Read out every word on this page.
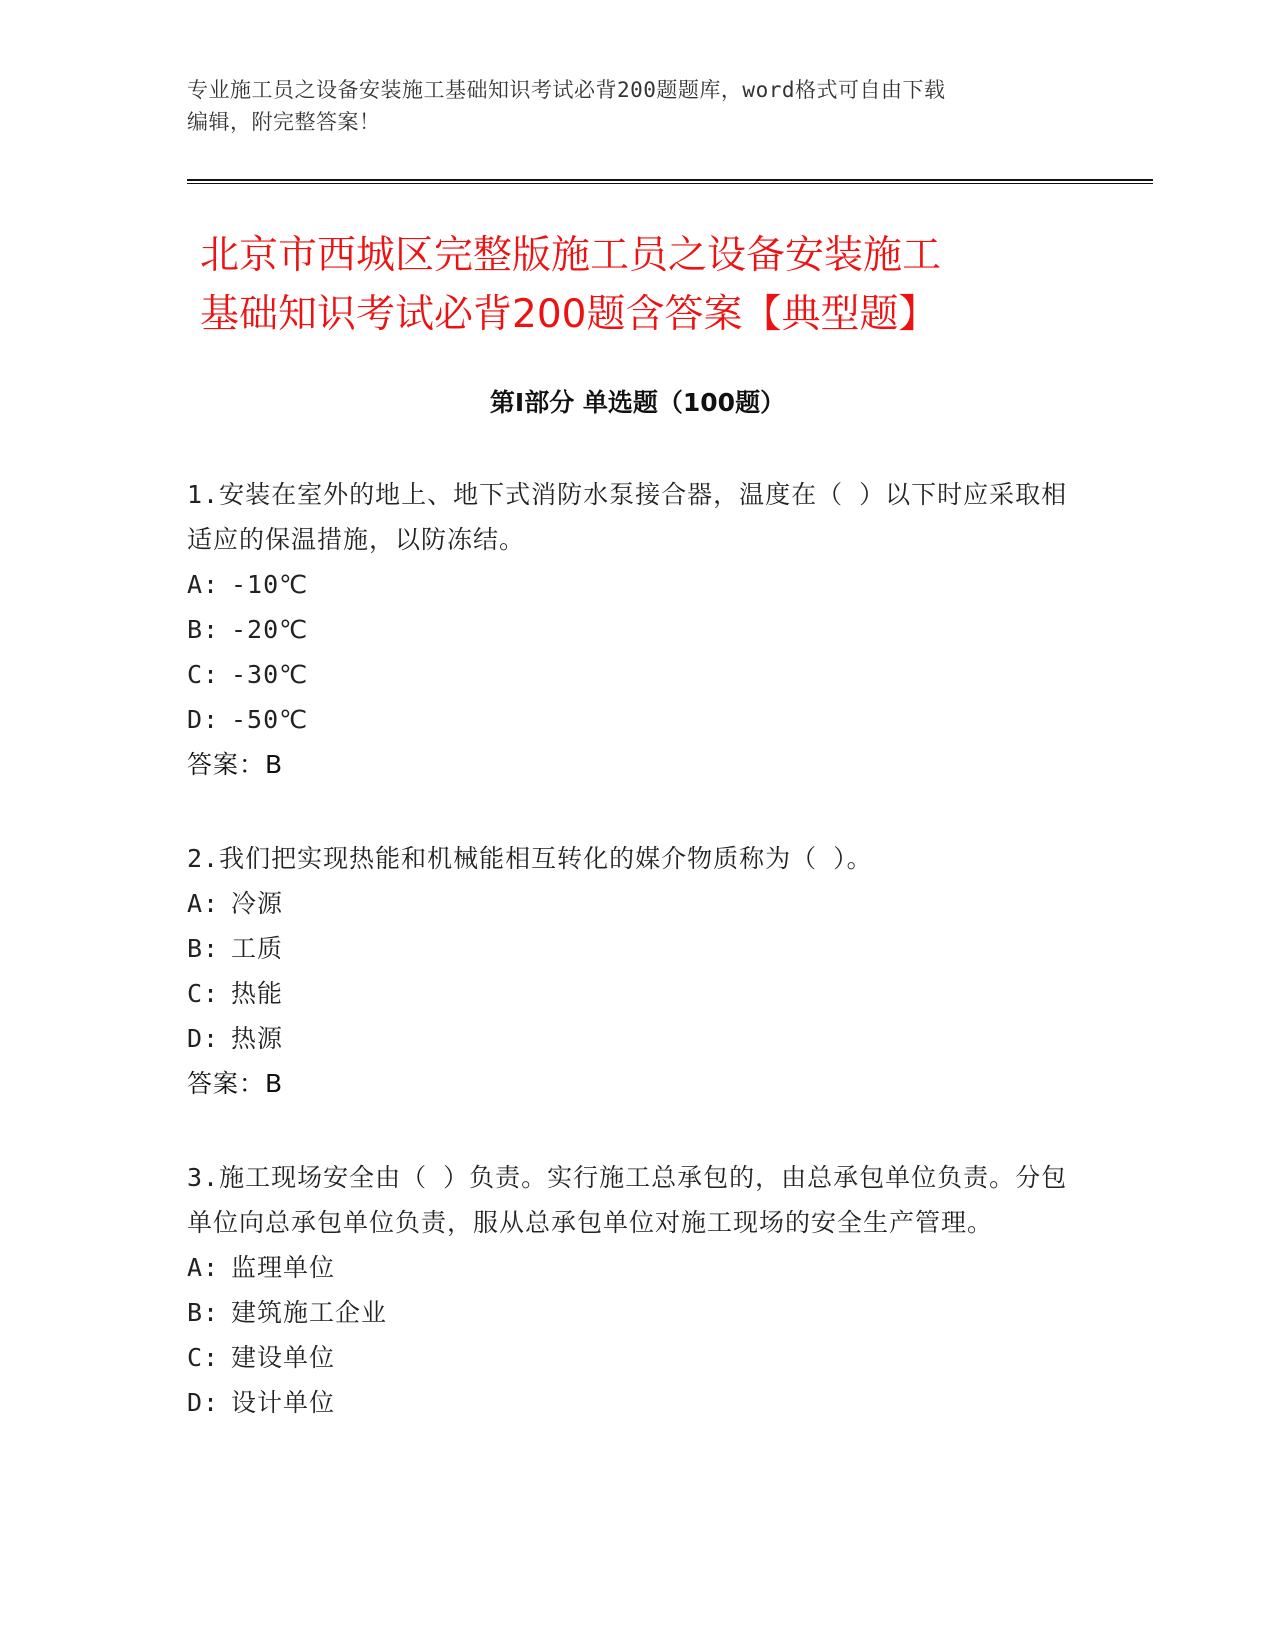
专业施工员之设备安装施工基础知识考试必背200题题库，word格式可自由下载
编辑，附完整答案！
北京市西城区完整版施工员之设备安装施工
基础知识考试必背200题含答案【典型题】
第Ⅰ部分 单选题（100题）

1.安装在室外的地上、地下式消防水泵接合器，温度在（ ）以下时应采取相适应的保温措施，以防冻结。

A: -10℃

B: -20℃

C: -30℃

D: -50℃

答案：B

2.我们把实现热能和机械能相互转化的媒介物质称为（ ）。

A: 冷源

B: 工质

C: 热能

D: 热源

答案：B

3.施工现场安全由（ ）负责。实行施工总承包的，由总承包单位负责。分包单位向总承包单位负责，服从总承包单位对施工现场的安全生产管理。

A: 监理单位

B: 建筑施工企业

C: 建设单位

D: 设计单位
